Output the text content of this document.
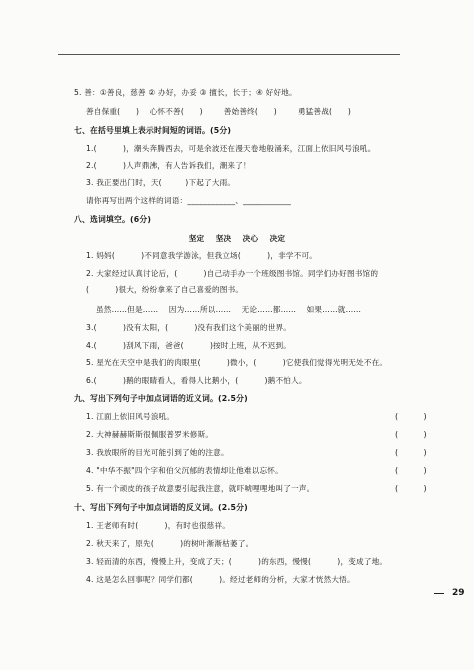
5. 善：①善良，慈善 ② 办好，办妥 ③ 擅长，长于；④ 好好地。
善自保重(      )    心怀不善(      )        善始善终(      )        勇猛善战(      )
七、在括号里填上表示时间短的词语。(5分)
1.(          )，潮头奔腾西去，可是余波还在漫天卷地般涌来，江面上依旧风号浪吼。
2.(          )人声鼎沸，有人告诉我们，潮来了！
3. 我正要出门时，天(         )下起了大雨。
请你再写出两个这样的词语：____________、____________
八、选词填空。(6分)
坚定    坚决    决心    决定
1. 妈妈(          )不同意我学游泳，但我立场(          )，非学不可。
2. 大家经过认真讨论后，(          )自己动手办一个班级图书馆。同学们办好图书馆的
(          )很大，纷纷拿来了自己喜爱的图书。
虽然……但是……    因为……所以……    无论……都……    如果……就……
3.(          )没有太阳，(          )没有我们这个美丽的世界。
4.(          )刮风下雨，爸爸(          )按时上班，从不迟到。
5. 星光在天空中是我们的肉眼里(          )微小，(          )它使我们觉得光明无处不在。
6.(          )鹅的眼睛看人，看得人比鹅小，(          )鹅不怕人。
九、写出下列句子中加点词语的近义词。(2.5分)
1. 江面上依旧风号浪吼。	(          )
2. 大神赫赫斯斯很佩服普罗米修斯。	(          )
3. 我放眼所的目光可能引到了她的注意。	(          )
4. "中华不振"四个字和伯父沉郁的表情却让他难以忘怀。	(          )
5. 有一个顽皮的孩子故意要引起我注意，就吓唬哩哩地叫了一声。	(          )
十、写出下列句子中加点词语的反义词。(2.5分)
1. 王老师有时(          )，有时也很慈祥。
2. 秋天来了，原先(          )的树叶渐渐枯萎了。
3. 轻而清的东西，慢慢上升，变成了天；(          )的东西，慢慢(          )，变成了地。
4. 这是怎么回事呢？同学们都(          )。经过老师的分析，大家才恍然大悟。
29
